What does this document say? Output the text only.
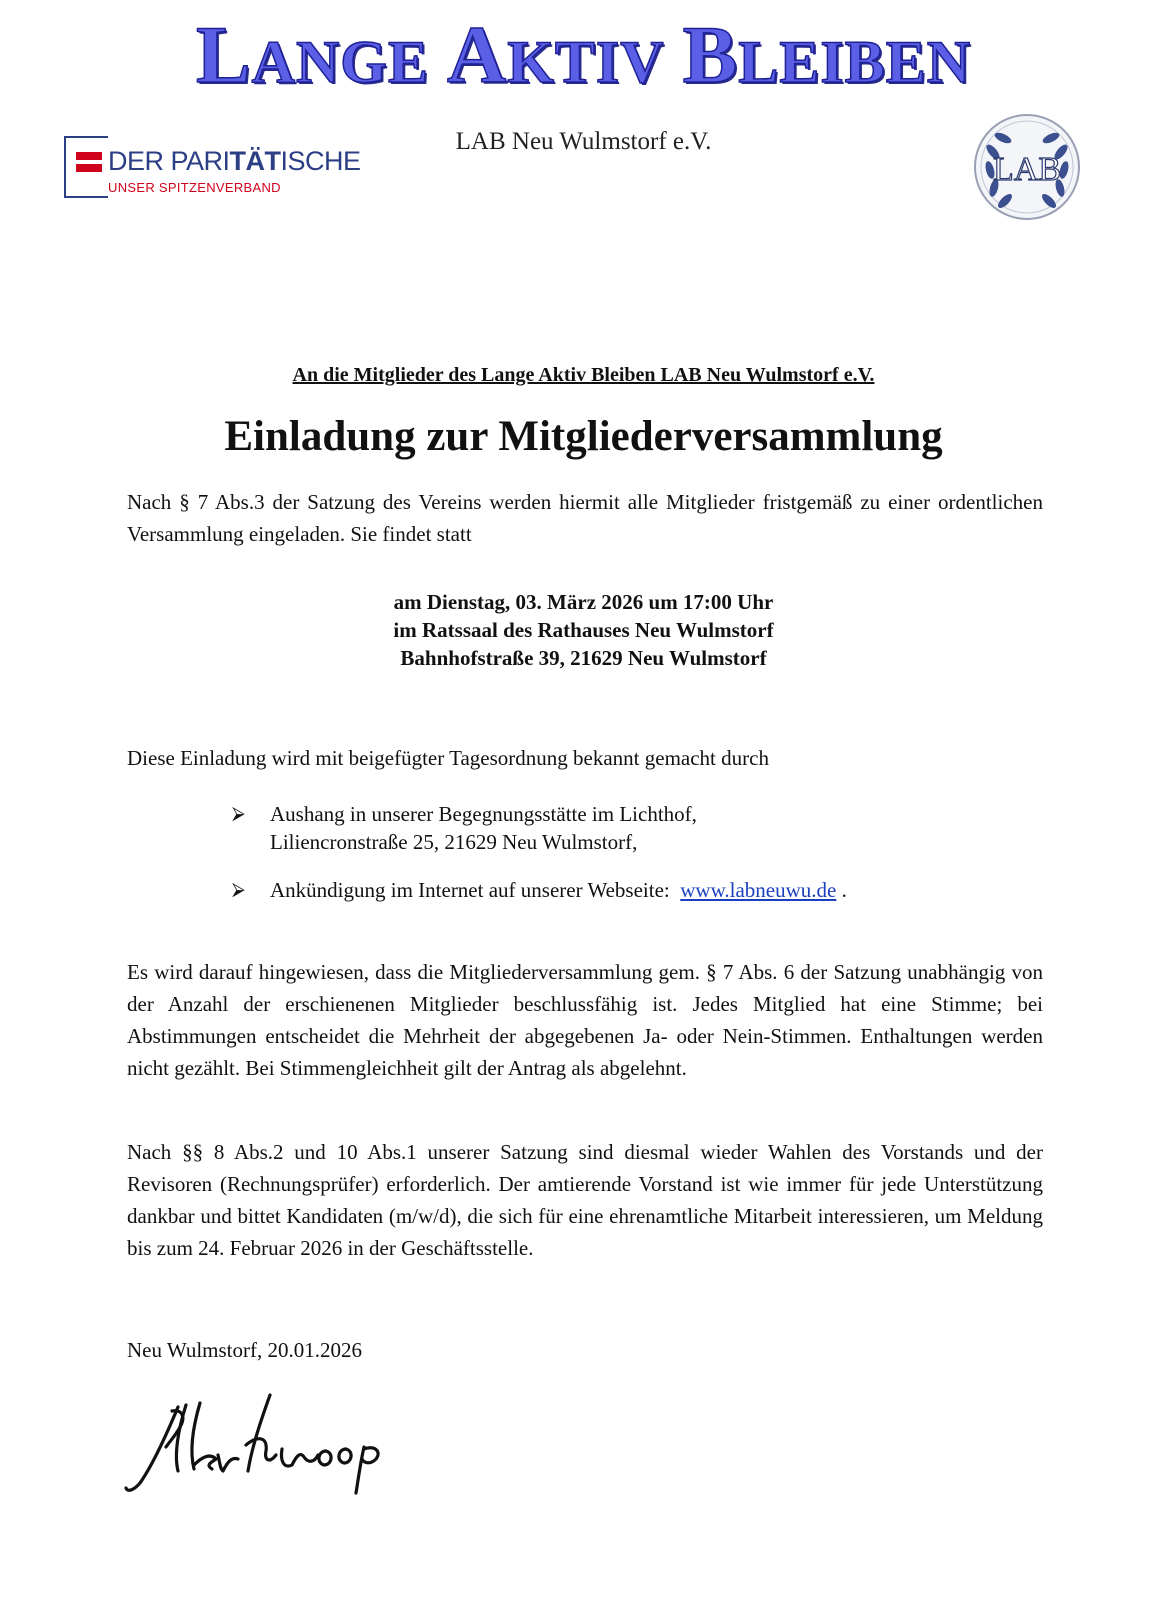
LANGE AKTIV BLEIBEN
LAB Neu Wulmstorf e.V.
DER PARITÄTISCHE
UNSER SPITZENVERBAND	LAB
An die Mitglieder des Lange Aktiv Bleiben LAB Neu Wulmstorf e.V.
Einladung zur Mitgliederversammlung

Nach § 7 Abs.3 der Satzung des Vereins werden hiermit alle Mitglieder fristgemäß zu einer ordentlichen Versammlung eingeladen. Sie findet statt

am Dienstag, 03. März 2026 um 17:00 Uhr
im Ratssaal des Rathauses Neu Wulmstorf
Bahnhofstraße 39, 21629 Neu Wulmstorf

Diese Einladung wird mit beigefügter Tagesordnung bekannt gemacht durch

⮚	Aushang in unserer Begegnungsstätte im Lichthof,
Liliencronstraße 25, 21629 Neu Wulmstorf,
⮚	Ankündigung im Internet auf unserer Webseite: www.labneuwu.de .

Es wird darauf hingewiesen, dass die Mitgliederversammlung gem. § 7 Abs. 6 der Satzung unabhängig von der Anzahl der erschienenen Mitglieder beschlussfähig ist. Jedes Mitglied hat eine Stimme; bei Abstimmungen entscheidet die Mehrheit der abgegebenen Ja- oder Nein-Stimmen. Enthaltungen werden nicht gezählt. Bei Stimmengleichheit gilt der Antrag als abgelehnt.

Nach §§ 8 Abs.2 und 10 Abs.1 unserer Satzung sind diesmal wieder Wahlen des Vorstands und der Revisoren (Rechnungsprüfer) erforderlich. Der amtierende Vorstand ist wie immer für jede Unterstützung dankbar und bittet Kandidaten (m/w/d), die sich für eine ehrenamtliche Mitarbeit interessieren, um Meldung bis zum 24. Februar 2026 in der Geschäftsstelle.

Neu Wulmstorf, 20.01.2026
